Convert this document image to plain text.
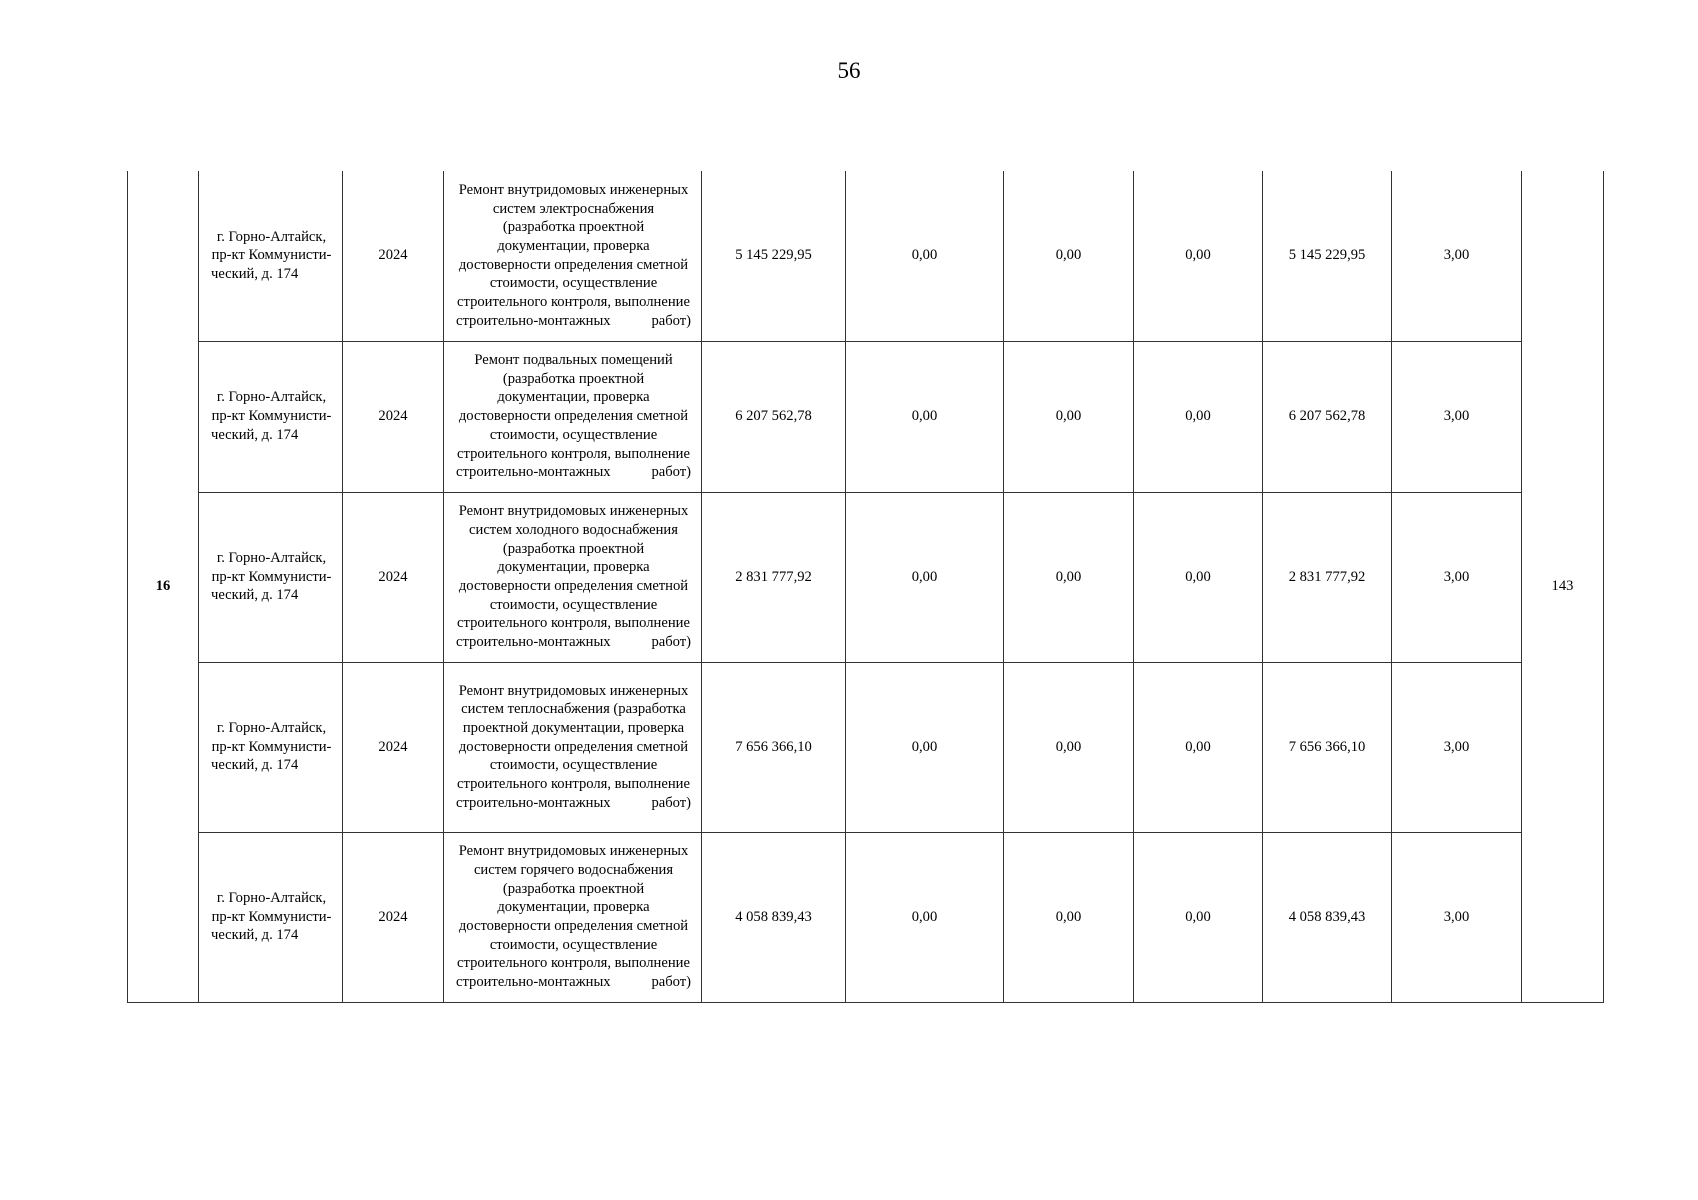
56
16	г. Горно-Алтайск, пр-кт Коммунисти-ческий, д. 174	2024	Ремонт внутридомовых инженерных систем электроснабжения (разработка проектной документации, проверка достоверности определения сметной стоимости, осуществление строительного контроля, выполнение строительно-монтажных работ)	5 145 229,95	0,00	0,00	0,00	5 145 229,95	3,00	143
	г. Горно-Алтайск, пр-кт Коммунисти-ческий, д. 174	2024	Ремонт подвальных помещений (разработка проектной документации, проверка достоверности определения сметной стоимости, осуществление строительного контроля, выполнение строительно-монтажных работ)	6 207 562,78	0,00	0,00	0,00	6 207 562,78	3,00	
	г. Горно-Алтайск, пр-кт Коммунисти-ческий, д. 174	2024	Ремонт внутридомовых инженерных систем холодного водоснабжения (разработка проектной документации, проверка достоверности определения сметной стоимости, осуществление строительного контроля, выполнение строительно-монтажных работ)	2 831 777,92	0,00	0,00	0,00	2 831 777,92	3,00	
	г. Горно-Алтайск, пр-кт Коммунисти-ческий, д. 174	2024	Ремонт внутридомовых инженерных систем теплоснабжения (разработка проектной документации, проверка достоверности определения сметной стоимости, осуществление строительного контроля, выполнение строительно-монтажных работ)	7 656 366,10	0,00	0,00	0,00	7 656 366,10	3,00	
	г. Горно-Алтайск, пр-кт Коммунисти-ческий, д. 174	2024	Ремонт внутридомовых инженерных систем горячего водоснабжения (разработка проектной документации, проверка достоверности определения сметной стоимости, осуществление строительного контроля, выполнение строительно-монтажных работ)	4 058 839,43	0,00	0,00	0,00	4 058 839,43	3,00	
